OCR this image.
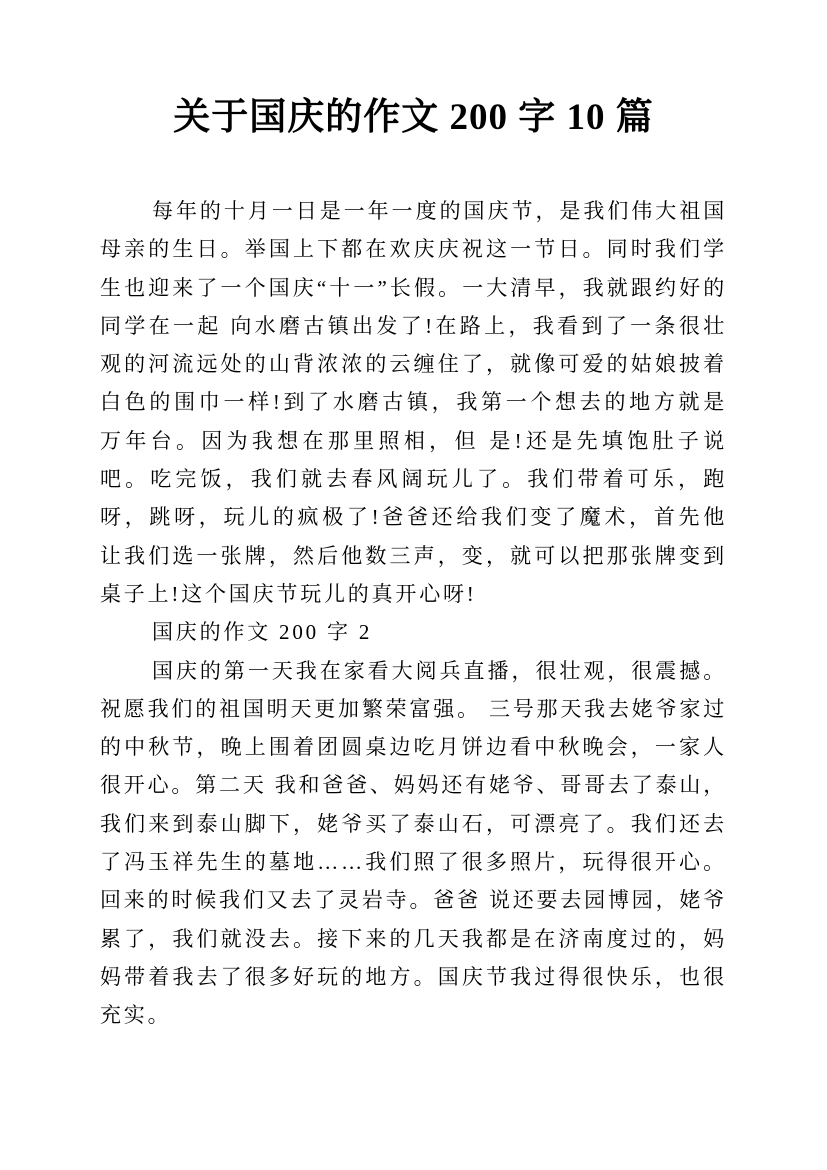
关于国庆的作文 200 字 10 篇

每年的十月一日是一年一度的国庆节，是我们伟大祖国母亲的生日。举国上下都在欢庆庆祝这一节日。同时我们学生也迎来了一个国庆“十一”长假。一大清早，我就跟约好的同学在一起 向水磨古镇出发了!在路上，我看到了一条很壮观的河流远处的山背浓浓的云缠住了，就像可爱的姑娘披着白色的围巾一样!到了水磨古镇，我第一个想去的地方就是万年台。因为我想在那里照相，但 是!还是先填饱肚子说吧。吃完饭，我们就去春风阔玩儿了。我们带着可乐，跑呀，跳呀，玩儿的疯极了!爸爸还给我们变了魔术，首先他让我们选一张牌，然后他数三声，变，就可以把那张牌变到桌子上!这个国庆节玩儿的真开心呀!

国庆的作文 200 字 2

国庆的第一天我在家看大阅兵直播，很壮观，很震撼。祝愿我们的祖国明天更加繁荣富强。 三号那天我去姥爷家过的中秋节，晚上围着团圆桌边吃月饼边看中秋晚会，一家人很开心。第二天 我和爸爸、妈妈还有姥爷、哥哥去了泰山，我们来到泰山脚下，姥爷买了泰山石，可漂亮了。我们还去了冯玉祥先生的墓地……我们照了很多照片，玩得很开心。回来的时候我们又去了灵岩寺。爸爸 说还要去园博园，姥爷累了，我们就没去。接下来的几天我都是在济南度过的，妈妈带着我去了很多好玩的地方。国庆节我过得很快乐，也很充实。
